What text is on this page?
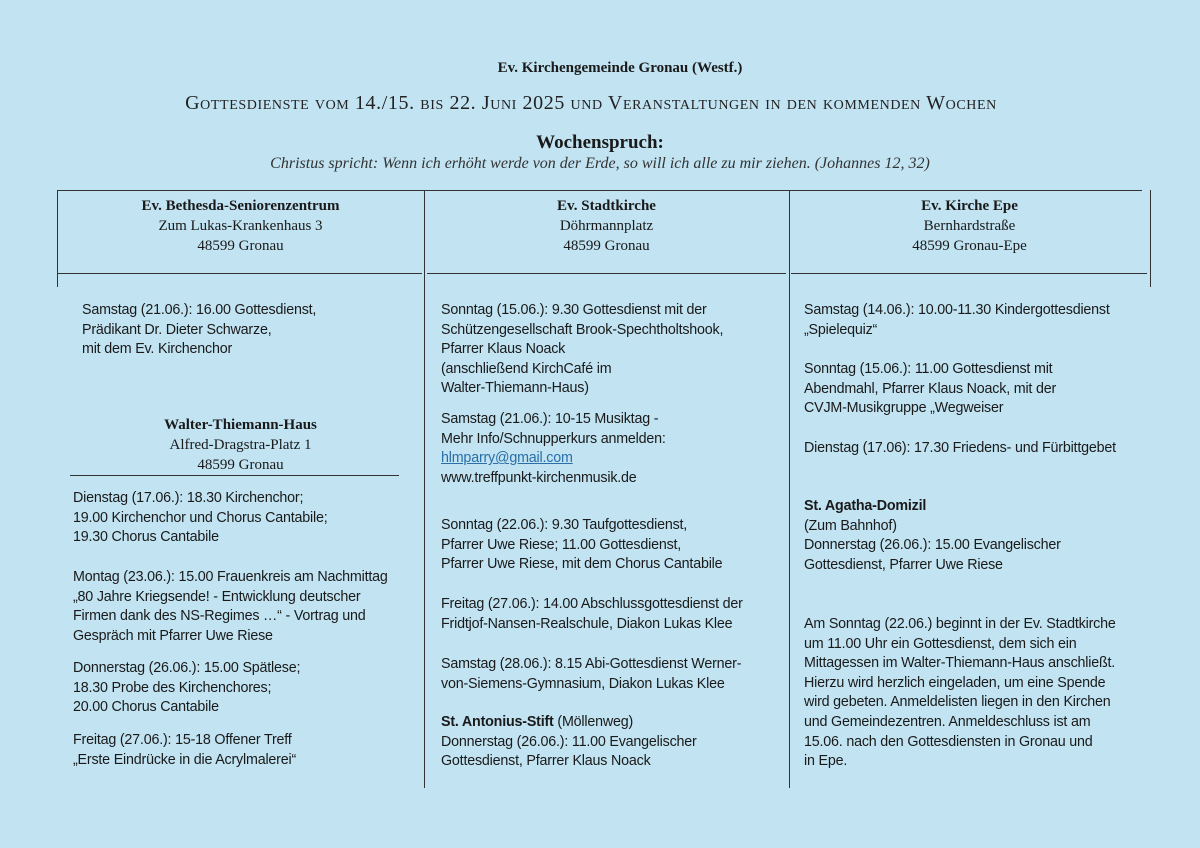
Ev. Kirchengemeinde Gronau (Westf.)
Gottesdienste vom 14./15. bis 22. Juni 2025 und Veranstaltungen in den kommenden Wochen
Wochenspruch:
Christus spricht: Wenn ich erhöht werde von der Erde, so will ich alle zu mir ziehen. (Johannes 12, 32)
Ev. Bethesda-Seniorenzentrum
Zum Lukas-Krankenhaus 3
48599 Gronau
Ev. Stadtkirche
Döhrmannplatz
48599 Gronau
Ev. Kirche Epe
Bernhardstraße
48599 Gronau-Epe

Samstag (21.06.): 16.00 Gottesdienst,

Prädikant Dr. Dieter Schwarze,

mit dem Ev. Kirchenchor

Walter-Thiemann-Haus
Alfred-Dragstra-Platz 1
48599 Gronau

Dienstag (17.06.): 18.30 Kirchenchor;

19.00 Kirchenchor und Chorus Cantabile;

19.30 Chorus Cantabile

Montag (23.06.): 15.00 Frauenkreis am Nachmittag

„80 Jahre Kriegsende! - Entwicklung deutscher

Firmen dank des NS-Regimes …“ - Vortrag und

Gespräch mit Pfarrer Uwe Riese

Donnerstag (26.06.): 15.00 Spätlese;

18.30 Probe des Kirchenchores;

20.00 Chorus Cantabile

Freitag (27.06.): 15-18 Offener Treff

„Erste Eindrücke in die Acrylmalerei“

Sonntag (15.06.): 9.30 Gottesdienst mit der

Schützengesellschaft Brook-Spechtholtshook,

Pfarrer Klaus Noack

(anschließend KirchCafé im

Walter-Thiemann-Haus)

Samstag (21.06.): 10-15 Musiktag -

Mehr Info/Schnupperkurs anmelden:

hlmparry@gmail.com

www.treffpunkt-kirchenmusik.de

Sonntag (22.06.): 9.30 Taufgottesdienst,

Pfarrer Uwe Riese; 11.00 Gottesdienst,

Pfarrer Uwe Riese, mit dem Chorus Cantabile

Freitag (27.06.): 14.00 Abschlussgottesdienst der

Fridtjof-Nansen-Realschule, Diakon Lukas Klee

Samstag (28.06.): 8.15 Abi-Gottesdienst Werner-

von-Siemens-Gymnasium, Diakon Lukas Klee

St. Antonius-Stift (Möllenweg)

Donnerstag (26.06.): 11.00 Evangelischer

Gottesdienst, Pfarrer Klaus Noack

Samstag (14.06.): 10.00-11.30 Kindergottesdienst

„Spielequiz“

Sonntag (15.06.): 11.00 Gottesdienst mit

Abendmahl, Pfarrer Klaus Noack, mit der

CVJM-Musikgruppe „Wegweiser

Dienstag (17.06): 17.30 Friedens- und Fürbittgebet

St. Agatha-Domizil

(Zum Bahnhof)

Donnerstag (26.06.): 15.00 Evangelischer

Gottesdienst, Pfarrer Uwe Riese

Am Sonntag (22.06.) beginnt in der Ev. Stadtkirche

um 11.00 Uhr ein Gottesdienst, dem sich ein

Mittagessen im Walter-Thiemann-Haus anschließt.

Hierzu wird herzlich eingeladen, um eine Spende

wird gebeten. Anmeldelisten liegen in den Kirchen

und Gemeindezentren. Anmeldeschluss ist am

15.06. nach den Gottesdiensten in Gronau und

in Epe.
